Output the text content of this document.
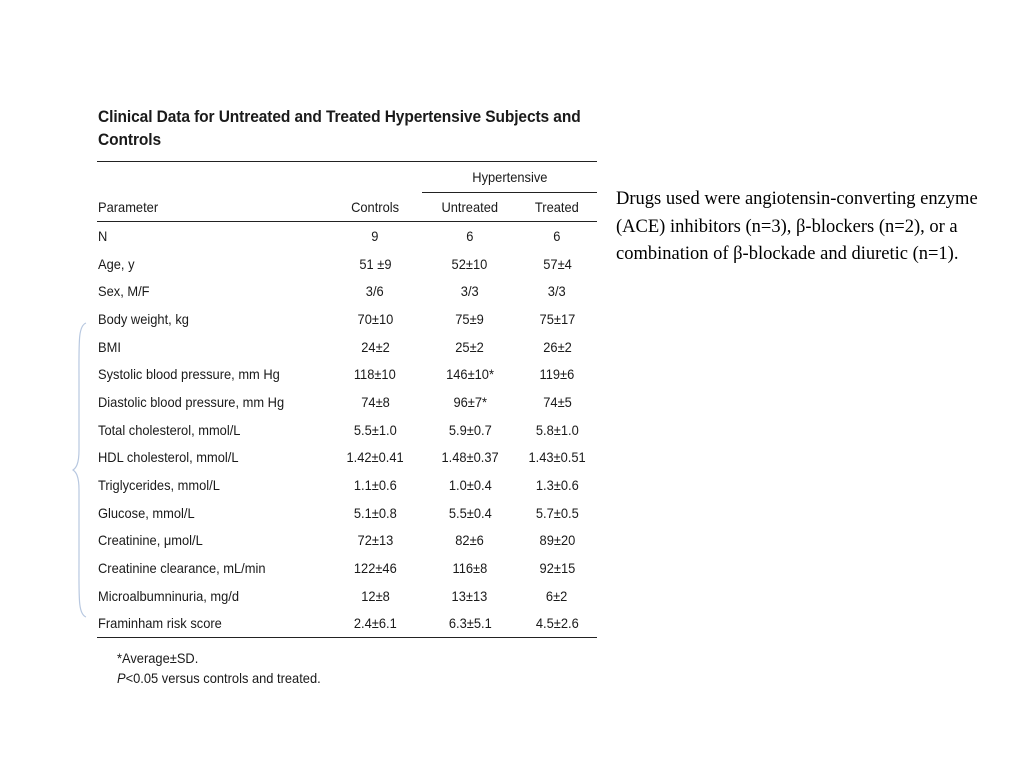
Clinical Data for Untreated and Treated Hypertensive Subjects and Controls
		Hypertensive	
Parameter	Controls	Untreated	Treated
N	9	6	6
Age, y	51 ±9	52±10	57±4
Sex, M/F	3/6	3/3	3/3
Body weight, kg	70±10	75±9	75±17
BMI	24±2	25±2	26±2
Systolic blood pressure, mm Hg	118±10	146±10*	119±6
Diastolic blood pressure, mm Hg	74±8	96±7*	74±5
Total cholesterol, mmol/L	5.5±1.0	5.9±0.7	5.8±1.0
HDL cholesterol, mmol/L	1.42±0.41	1.48±0.37	1.43±0.51
Triglycerides, mmol/L	1.1±0.6	1.0±0.4	1.3±0.6
Glucose, mmol/L	5.1±0.8	5.5±0.4	5.7±0.5
Creatinine, μmol/L	72±13	82±6	89±20
Creatinine clearance, mL/min	122±46	116±8	92±15
Microalbumninuria, mg/d	12±8	13±13	6±2
Framinham risk score	2.4±6.1	6.3±5.1	4.5±2.6
*Average±SD.
P<0.05 versus controls and treated.
Drugs used were angiotensin-converting enzyme (ACE) inhibitors (n=3), β-blockers (n=2), or a combination of β-blockade and diuretic (n=1).
